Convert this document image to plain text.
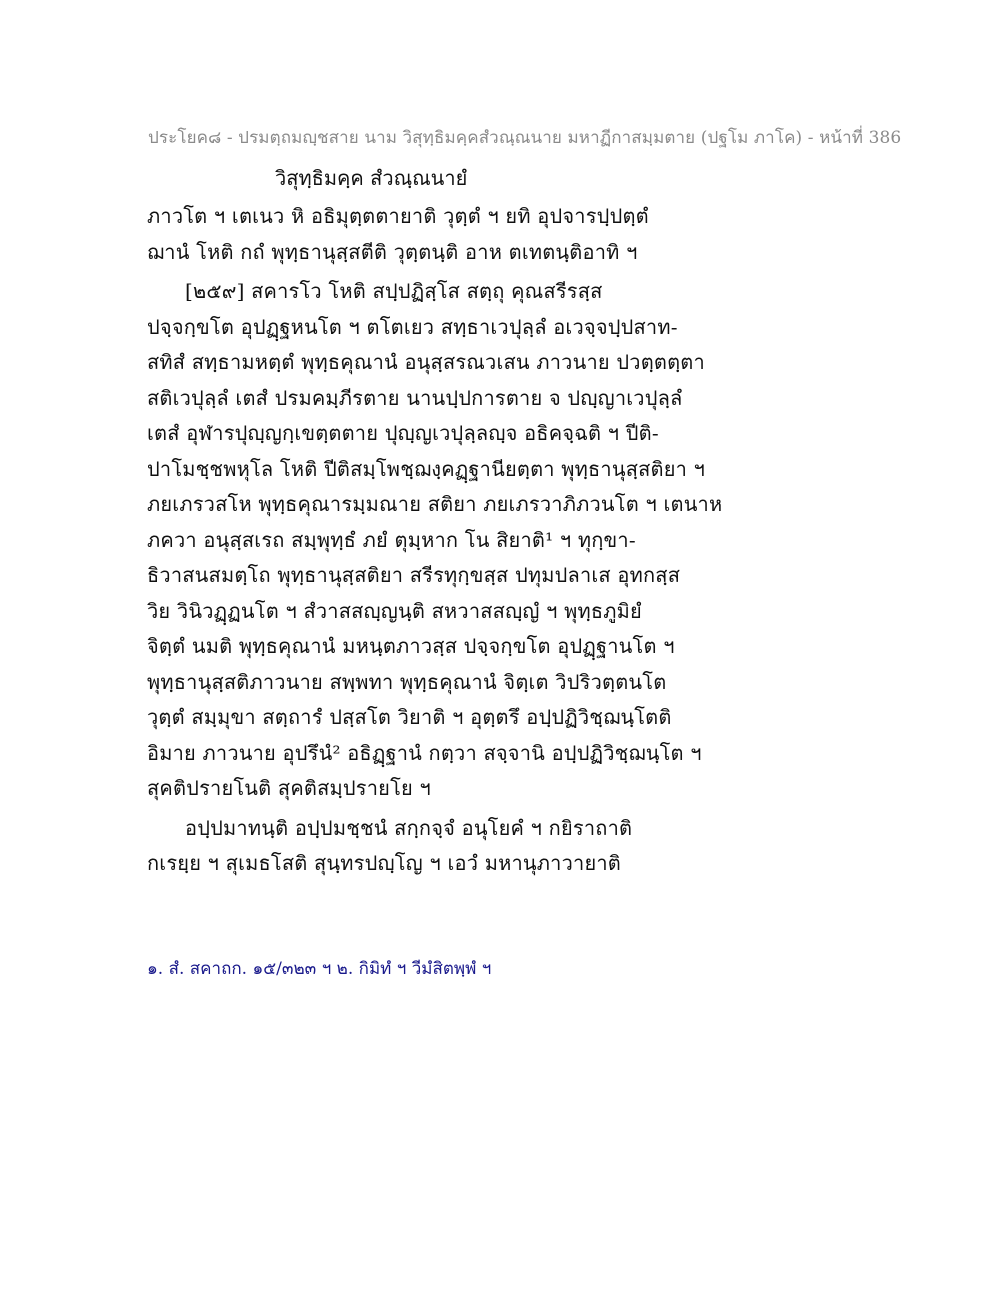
ประโยค๘ - ปรมตฺถมญฺชสาย นาม วิสุทฺธิมคฺคสํวณฺณนาย มหาฏีกาสมฺมตาย (ปฐโม ภาโค) - หน้าที่ 386
วิสุทฺธิมคฺค สํวณฺณนายํ
ภาวโต ฯ เตเนว หิ อธิมุตฺตตายาติ วุตฺตํ ฯ ยทิ อุปจารปฺปตฺตํ
ฌานํ โหติ กถํ พุทฺธานุสฺสตีติ วุตฺตนฺติ อาห ตเทตนฺติอาทิ ฯ
[๒๕๙] สคารโว โหติ สปฺปฏิสฺโส สตฺถุ คุณสรีรสฺส
ปจฺจกฺขโต อุปฏฺฐหนโต ฯ ตโตเยว สทฺธาเวปุลฺลํ อเวจฺจปฺปสาท-
สทิสํ สทฺธามหตฺตํ พุทฺธคุณานํ อนุสฺสรณวเสน ภาวนาย ปวตฺตตฺตา
สติเวปุลฺลํ เตสํ ปรมคมฺภีรตาย นานปฺปการตาย จ ปญฺญาเวปุลฺลํ
เตสํ อุฬารปุญฺญกฺเขตฺตตาย ปุญฺญเวปุลฺลญฺจ อธิคจฺฉติ ฯ ปีติ-
ปาโมชฺชพหุโล โหติ ปีติสมฺโพชฺฌงฺคฏฺฐานียตฺตา พุทฺธานุสฺสติยา ฯ
ภยเภรวสโห พุทฺธคุณารมฺมณาย สติยา ภยเภรวาภิภวนโต ฯ เตนาห
ภควา อนุสฺสเรถ สมฺพุทฺธํ ภยํ ตุมฺหาก โน สิยาติ¹ ฯ ทุกฺขา-
ธิวาสนสมตฺโถ พุทฺธานุสฺสติยา สรีรทุกฺขสฺส ปทุมปลาเส อุทกสฺส
วิย วินิวฏฺฏนโต ฯ สํวาสสญฺญนฺติ สหวาสสญฺญํ ฯ พุทฺธภูมิยํ
จิตฺตํ นมติ พุทฺธคุณานํ มหนฺตภาวสฺส ปจฺจกฺขโต อุปฏฺฐานโต ฯ
พุทฺธานุสฺสติภาวนาย สพฺพทา พุทฺธคุณานํ จิตฺเต วิปริวตฺตนโต
วุตฺตํ สมฺมุขา สตฺถารํ ปสฺสโต วิยาติ ฯ อุตฺตรึ อปฺปฏิวิชฺฌนฺโตติ
อิมาย ภาวนาย อุปรึนํ² อธิฏฺฐานํ กตฺวา สจฺจานิ อปฺปฏิวิชฺฌนฺโต ฯ
สุคติปรายโนติ สุคติสมฺปรายโย ฯ
อปฺปมาทนฺติ อปฺปมชฺชนํ สกฺกจฺจํ อนุโยคํ ฯ กยิราถาติ
กเรยฺย ฯ สุเมธโสติ สุนฺทรปญฺโญ ฯ เอวํ มหานุภาวายาติ
๑. สํ. สคาถก. ๑๕/๓๒๓ ฯ ๒. กิมิทํ ฯ วีมํสิตพฺพํ ฯ
